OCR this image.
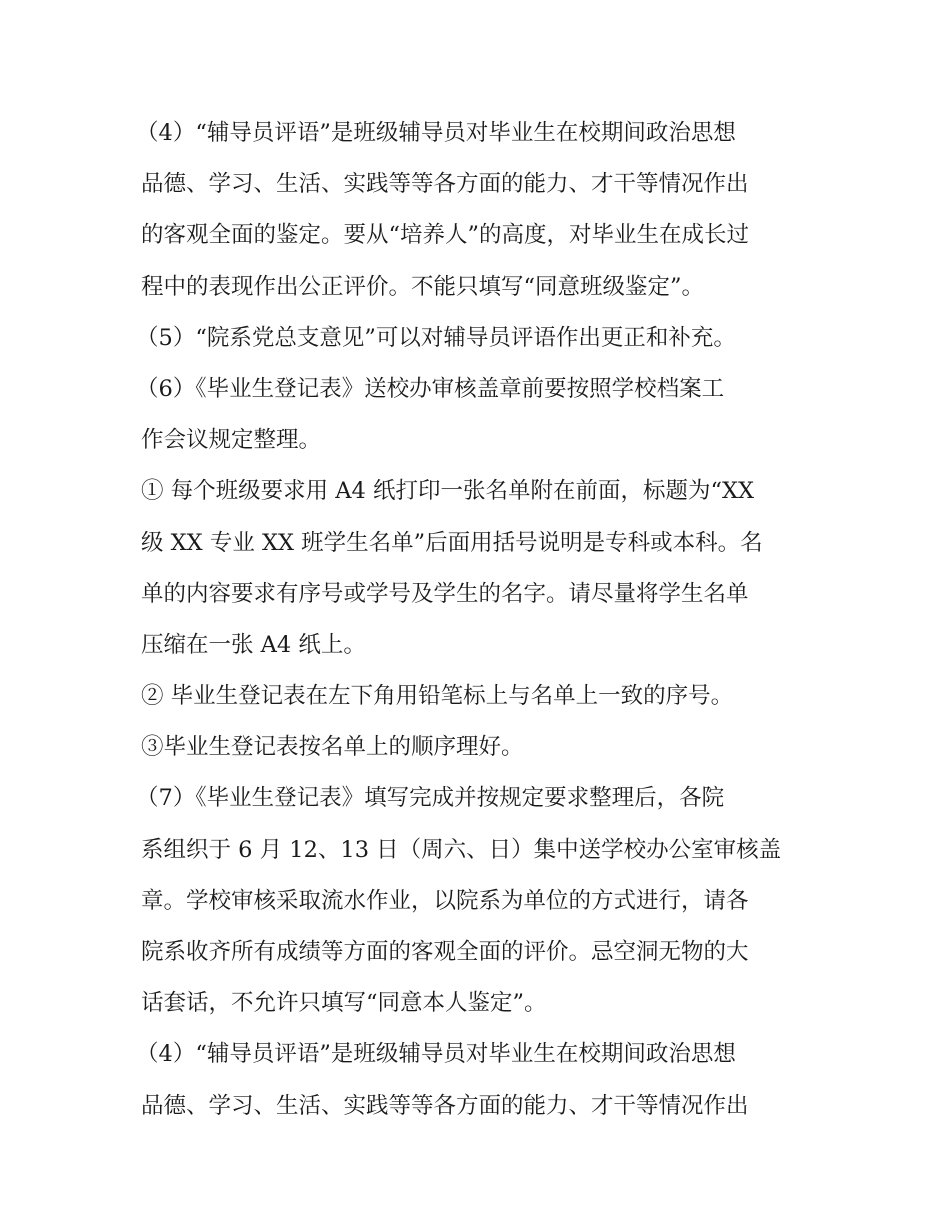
（4）“辅导员评语”是班级辅导员对毕业生在校期间政治思想
品德、学习、生活、实践等等各方面的能力、才干等情况作出
的客观全面的鉴定。要从“培养人”的高度，对毕业生在成长过
程中的表现作出公正评价。不能只填写“同意班级鉴定”。
（5）“院系党总支意见”可以对辅导员评语作出更正和补充。
（6）《毕业生登记表》送校办审核盖章前要按照学校档案工
作会议规定整理。
① 每个班级要求用 A4 纸打印一张名单附在前面，标题为“XX
级 XX 专业 XX 班学生名单”后面用括号说明是专科或本科。名
单的内容要求有序号或学号及学生的名字。请尽量将学生名单
压缩在一张 A4 纸上。
② 毕业生登记表在左下角用铅笔标上与名单上一致的序号。
③毕业生登记表按名单上的顺序理好。
（7）《毕业生登记表》填写完成并按规定要求整理后，各院
系组织于 6 月 12、13 日（周六、日）集中送学校办公室审核盖
章。学校审核采取流水作业，以院系为单位的方式进行，请各
院系收齐所有成绩等方面的客观全面的评价。忌空洞无物的大
话套话，不允许只填写“同意本人鉴定”。
（4）“辅导员评语”是班级辅导员对毕业生在校期间政治思想
品德、学习、生活、实践等等各方面的能力、才干等情况作出
